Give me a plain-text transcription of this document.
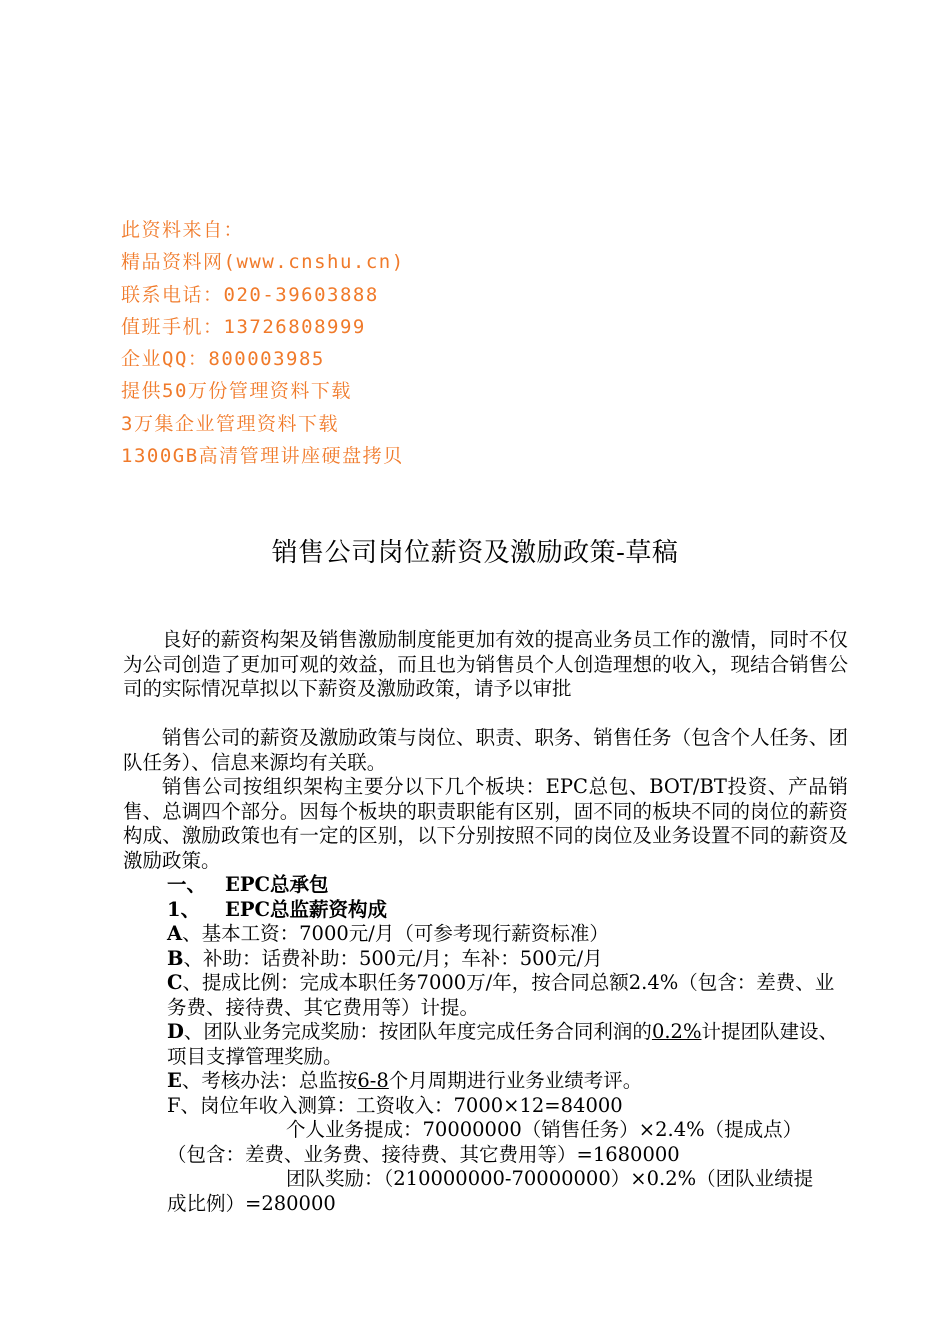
此资料来自：
精品资料网(www.cnshu.cn)
联系电话：020-39603888
值班手机：13726808999
企业QQ：800003985
提供50万份管理资料下载
3万集企业管理资料下载
1300GB高清管理讲座硬盘拷贝
销售公司岗位薪资及激励政策-草稿

良好的薪资构架及销售激励制度能更加有效的提高业务员工作的激情，同时不仅为公司创造了更加可观的效益，而且也为销售员个人创造理想的收入，现结合销售公司的实际情况草拟以下薪资及激励政策，请予以审批

销售公司的薪资及激励政策与岗位、职责、职务、销售任务（包含个人任务、团队任务）、信息来源均有关联。

销售公司按组织架构主要分以下几个板块：EPC总包、BOT/BT投资、产品销售、总调四个部分。因每个板块的职责职能有区别，固不同的板块不同的岗位的薪资构成、激励政策也有一定的区别，以下分别按照不同的岗位及业务设置不同的薪资及激励政策。

一、 EPC总承包

1、 EPC总监薪资构成

A、基本工资：7000元/月（可参考现行薪资标准）

B、补助：话费补助：500元/月；车补：500元/月

C、提成比例：完成本职任务7000万/年，按合同总额2.4%（包含：差费、业务费、接待费、其它费用等）计提。

D、团队业务完成奖励：按团队年度完成任务合同利润的0.2%计提团队建设、项目支撑管理奖励。

E、考核办法：总监按6-8个月周期进行业务业绩考评。

F、岗位年收入测算：工资收入：7000×12=84000

个人业务提成：70000000（销售任务）×2.4%（提成点）

（包含：差费、业务费、接待费、其它费用等）=1680000

团队奖励：（210000000-70000000）×0.2%（团队业绩提

成比例）=280000
